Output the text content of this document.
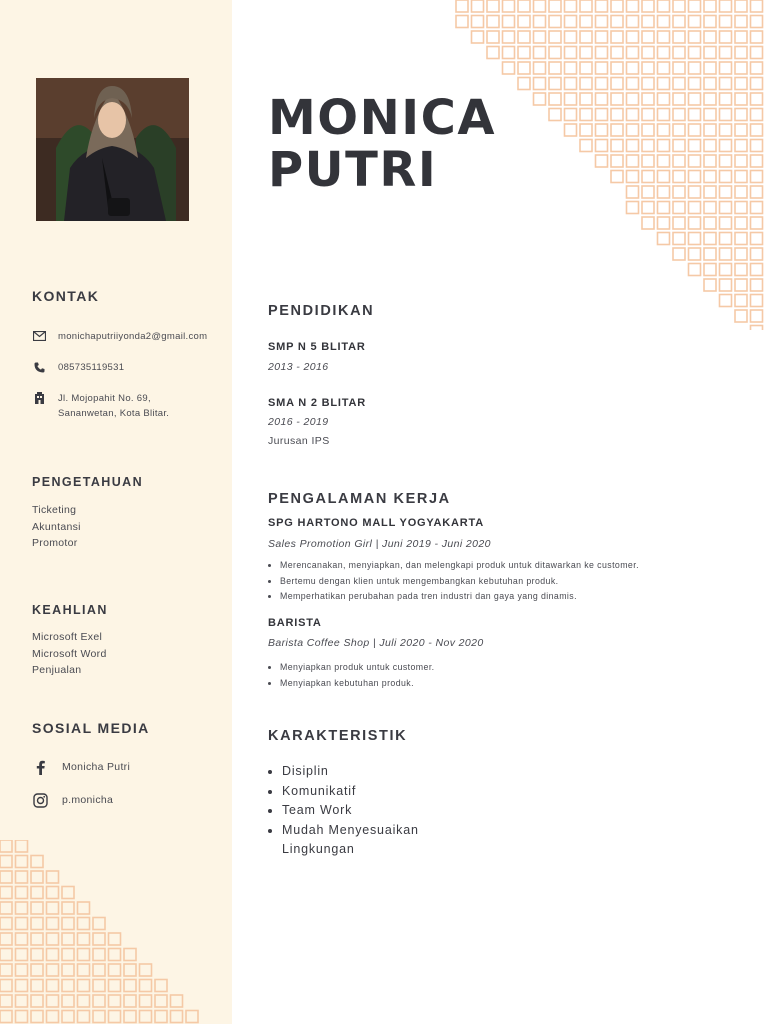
KONTAK
monichaputriiyonda2@gmail.com
085735119531
Jl. Mojopahit No. 69, Sananwetan, Kota Blitar.
PENGETAHUAN
Ticketing
Akuntansi
Promotor
KEAHLIAN
Microsoft Exel
Microsoft Word
Penjualan
SOSIAL MEDIA
Monicha Putri
p.monicha
MONICA
PUTRI
PENDIDIKAN
SMP N 5 BLITAR
2013 - 2016
SMA N 2 BLITAR
2016 - 2019
Jurusan IPS
PENGALAMAN KERJA
SPG HARTONO MALL YOGYAKARTA
Sales Promotion Girl | Juni 2019 - Juni 2020
• Merencanakan, menyiapkan, dan melengkapi produk untuk ditawarkan ke customer.
• Bertemu dengan klien untuk mengembangkan kebutuhan produk.
• Memperhatikan perubahan pada tren industri dan gaya yang dinamis.
BARISTA
Barista Coffee Shop | Juli 2020 - Nov 2020
• Menyiapkan produk untuk customer.
• Menyiapkan kebutuhan produk.
KARAKTERISTIK
• Disiplin
• Komunikatif
• Team Work
• Mudah Menyesuaikan Lingkungan
